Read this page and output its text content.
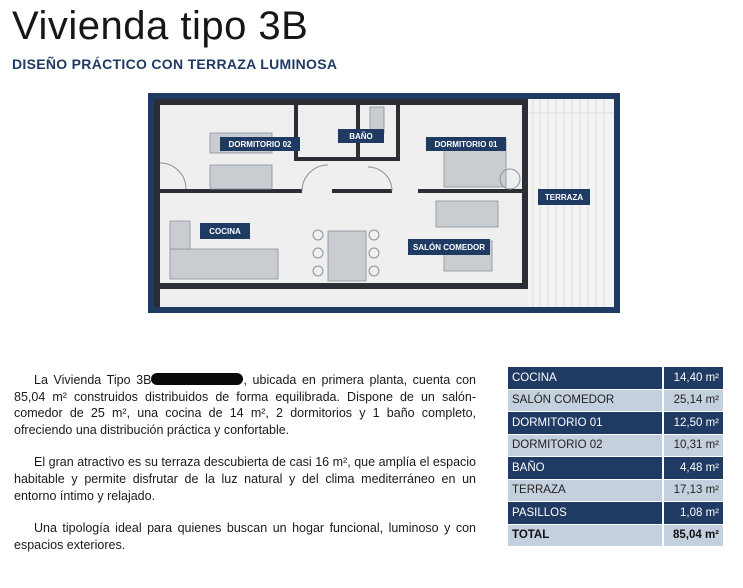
Vivienda tipo 3B
DISEÑO PRÁCTICO CON TERRAZA LUMINOSA
DORMITORIO 02
BAÑO
DORMITORIO 01
TERRAZA
COCINA
SALÓN COMEDOR

La Vivienda Tipo 3B	, ubicada en primera planta, cuenta con 85,04 m² construidos distribuidos de forma equilibrada. Dispone de un salón-comedor de 25 m², una cocina de 14 m², 2 dormitorios y 1 baño completo, ofreciendo una distribución práctica y confortable.

El gran atractivo es su terraza descubierta de casi 16 m², que amplía el espacio habitable y permite disfrutar de la luz natural y del clima mediterráneo en un entorno íntimo y relajado.

Una tipología ideal para quienes buscan un hogar funcional, luminoso y con espacios exteriores.

COCINA	14,40 m²
SALÓN COMEDOR	25,14 m²
DORMITORIO 01	12,50 m²
DORMITORIO 02	10,31 m²
BAÑO	4,48 m²
TERRAZA	17,13 m²
PASILLOS	1,08 m²
TOTAL	85,04 m²
